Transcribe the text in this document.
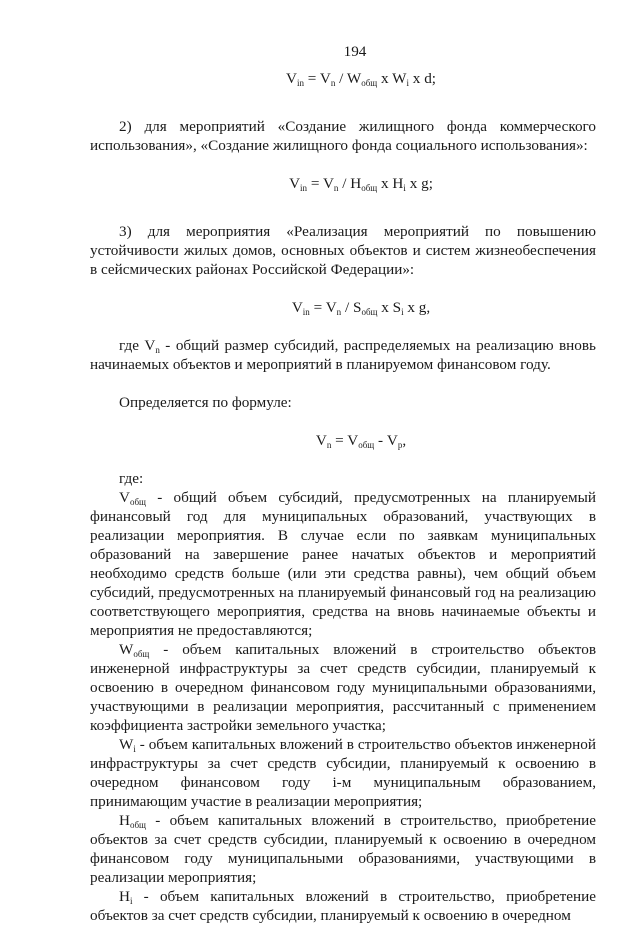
194
$V_{in} = V_n / W_{общ}$ x $W_i$ x d;

2) для мероприятий «Создание жилищного фонда коммерческого использования», «Создание жилищного фонда социального использования»:

$V_{in} = V_n / H_{общ}$ x $H_i$ x g;

3) для мероприятия «Реализация мероприятий по повышению устойчивости жилых домов, основных объектов и систем жизнеобеспечения в сейсмических районах Российской Федерации»:

$V_{in} = V_n / S_{общ}$ x $S_i$ x g,

где $V_n$ - общий размер субсидий, распределяемых на реализацию вновь начинаемых объектов и мероприятий в планируемом финансовом году.

Определяется по формуле:

$V_n = V_{общ} - V_p$,

где:

$V_{общ}$ - общий объем субсидий, предусмотренных на планируемый финансовый год для муниципальных образований, участвующих в реализации мероприятия. В случае если по заявкам муниципальных образований на завершение ранее начатых объектов и мероприятий необходимо средств больше (или эти средства равны), чем общий объем субсидий, предусмотренных на планируемый финансовый год на реализацию соответствующего мероприятия, средства на вновь начинаемые объекты и мероприятия не предоставляются;

$W_{общ}$ - объем капитальных вложений в строительство объектов инженерной инфраструктуры за счет средств субсидии, планируемый к освоению в очередном финансовом году муниципальными образованиями, участвующими в реализации мероприятия, рассчитанный с применением коэффициента застройки земельного участка;

$W_i$ - объем капитальных вложений в строительство объектов инженерной инфраструктуры за счет средств субсидии, планируемый к освоению в очередном финансовом году i-м муниципальным образованием, принимающим участие в реализации мероприятия;

$H_{общ}$ - объем капитальных вложений в строительство, приобретение объектов за счет средств субсидии, планируемый к освоению в очередном финансовом году муниципальными образованиями, участвующими в реализации мероприятия;

$H_i$ - объем капитальных вложений в строительство, приобретение объектов за счет средств субсидии, планируемый к освоению в очередном
